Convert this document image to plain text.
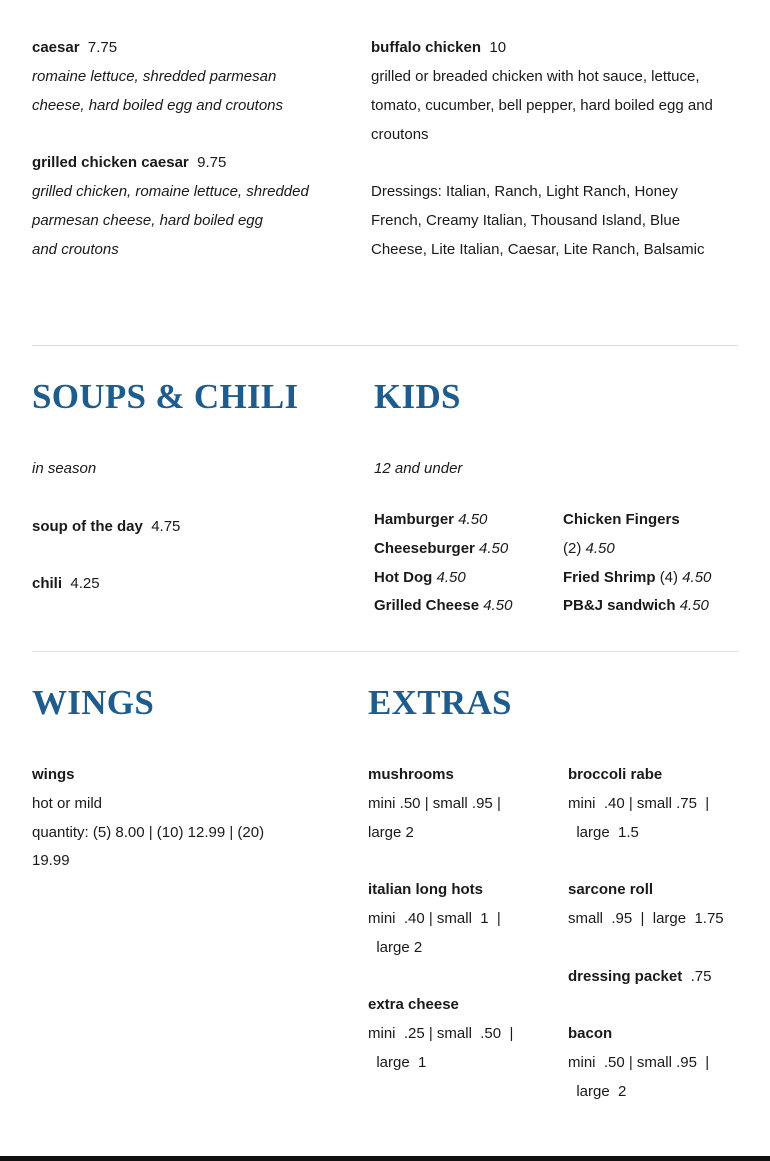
caesar 7.75
romaine lettuce, shredded parmesan
cheese, hard boiled egg and croutons
grilled chicken caesar 9.75
grilled chicken, romaine lettuce, shredded
parmesan cheese, hard boiled egg
and croutons
buffalo chicken 10
grilled or breaded chicken with hot sauce, lettuce,
tomato, cucumber, bell pepper, hard boiled egg and
croutons
Dressings: Italian, Ranch, Light Ranch, Honey
French, Creamy Italian, Thousand Island, Blue
Cheese, Lite Italian, Caesar, Lite Ranch, Balsamic
SOUPS & CHILI
in season
soup of the day 4.75
chili 4.25
KIDS
12 and under
Hamburger 4.50
Cheeseburger 4.50
Hot Dog 4.50
Grilled Cheese 4.50
Chicken Fingers
(2) 4.50
Fried Shrimp (4) 4.50
PB&J sandwich 4.50
WINGS
wings
hot or mild
quantity: (5) 8.00 | (10) 12.99 | (20)
19.99
EXTRAS
mushrooms
mini .50 | small .95 |
large 2
italian long hots
mini  .40 | small  1  |
large 2
extra cheese
mini  .25 | small  .50  |
large  1
broccoli rabe
mini  .40 | small .75  |
large  1.5
sarcone roll
small  .95  |  large  1.75
dressing packet .75
bacon
mini  .50 | small .95  |
large  2
